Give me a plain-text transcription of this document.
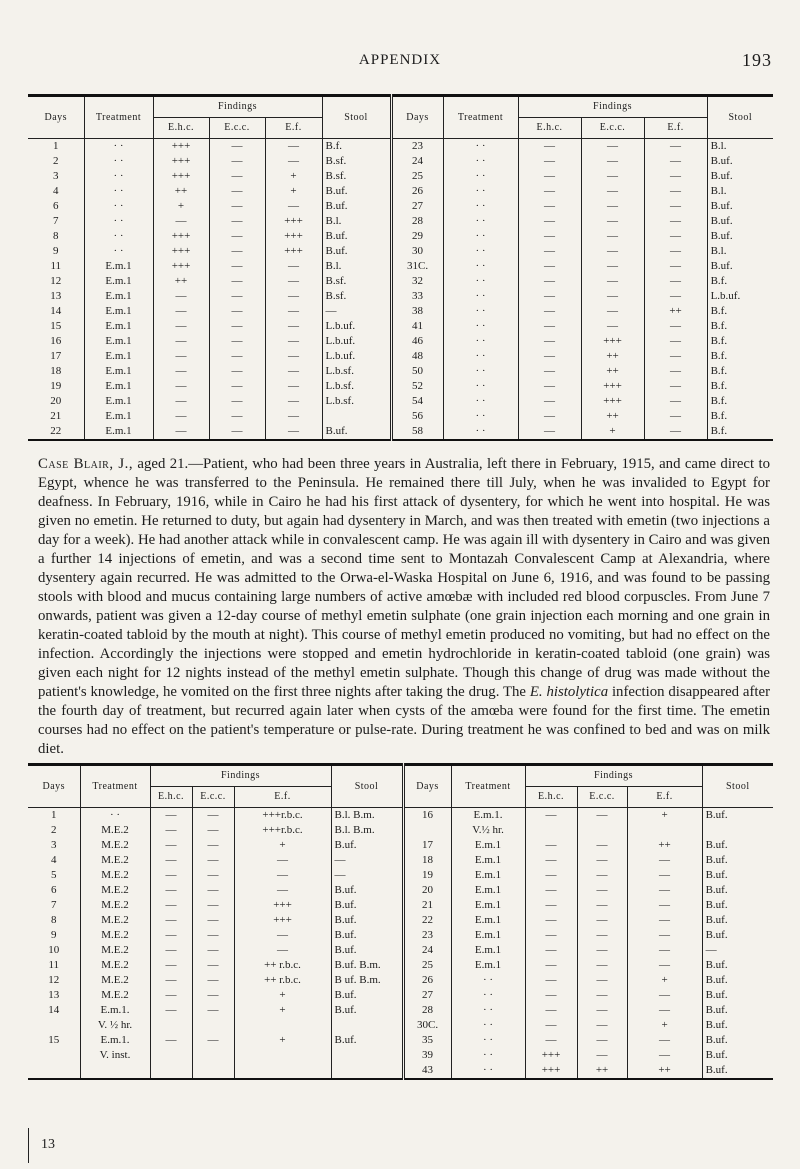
APPENDIX	193
Days	Treatment	Findings			Stool	Days	Treatment	Findings			Stool
		E.h.c.	E.c.c.	E.f.				E.h.c.	E.c.c.	E.f.	
1	· ·	+++	—	—	B.f.	23	· ·	—	—	—	B.l.
2	· ·	+++	—	—	B.sf.	24	· ·	—	—	—	B.uf.
3	· ·	+++	—	+	B.sf.	25	· ·	—	—	—	B.uf.
4	· ·	++	—	+	B.uf.	26	· ·	—	—	—	B.l.
6	· ·	+	—	—	B.uf.	27	· ·	—	—	—	B.uf.
7	· ·	—	—	+++	B.l.	28	· ·	—	—	—	B.uf.
8	· ·	+++	—	+++	B.uf.	29	· ·	—	—	—	B.uf.
9	· ·	+++	—	+++	B.uf.	30	· ·	—	—	—	B.l.
11	E.m.1	+++	—	—	B.l.	31C.	· ·	—	—	—	B.uf.
12	E.m.1	++	—	—	B.sf.	32	· ·	—	—	—	B.f.
13	E.m.1	—	—	—	B.sf.	33	· ·	—	—	—	L.b.uf.
14	E.m.1	—	—	—	—	38	· ·	—	—	++	B.f.
15	E.m.1	—	—	—	L.b.uf.	41	· ·	—	—	—	B.f.
16	E.m.1	—	—	—	L.b.uf.	46	· ·	—	+++	—	B.f.
17	E.m.1	—	—	—	L.b.uf.	48	· ·	—	++	—	B.f.
18	E.m.1	—	—	—	L.b.sf.	50	· ·	—	++	—	B.f.
19	E.m.1	—	—	—	L.b.sf.	52	· ·	—	+++	—	B.f.
20	E.m.1	—	—	—	L.b.sf.	54	· ·	—	+++	—	B.f.
21	E.m.1	—	—	—		56	· ·	—	++	—	B.f.
22	E.m.1	—	—	—	B.uf.	58	· ·	—	+	—	B.f.
Case Blair, J., aged 21.—Patient, who had been three years in Australia, left there in February, 1915, and came direct to Egypt, whence he was transferred to the Peninsula. He remained there till July, when he was invalided to Egypt for deafness. In February, 1916, while in Cairo he had his first attack of dysentery, for which he went into hospital. He was given no emetin. He returned to duty, but again had dysentery in March, and was then treated with emetin (two injections a day for a week). He had another attack while in convalescent camp. He was again ill with dysentery in Cairo and was given a further 14 injections of emetin, and was a second time sent to Montazah Convalescent Camp at Alexandria, where dysentery again recurred. He was admitted to the Orwa-el-Waska Hospital on June 6, 1916, and was found to be passing stools with blood and mucus containing large numbers of active amœbæ with included red blood corpuscles. From June 7 onwards, patient was given a 12-day course of methyl emetin sulphate (one grain injection each morning and one grain in keratin-coated tabloid by the mouth at night). This course of methyl emetin produced no vomiting, but had no effect on the infection. Accordingly the injections were stopped and emetin hydrochloride in keratin-coated tabloid (one grain) was given each night for 12 nights instead of the methyl emetin sulphate. Though this change of drug was made without the patient's knowledge, he vomited on the first three nights after taking the drug. The E. histolytica infection disappeared after the fourth day of treatment, but recurred again later when cysts of the amœba were found for the first time. The emetin courses had no effect on the patient's temperature or pulse-rate. During treatment he was confined to bed and was on milk diet.
Days	Treatment	Findings			Stool	Days	Treatment	Findings			Stool
		E.h.c.	E.c.c.	E.f.				E.h.c.	E.c.c.	E.f.	
1	· ·	—	—	+++r.b.c.	B.l. B.m.	16	E.m.1.	—	—	+	B.uf.
2	M.E.2	—	—	+++r.b.c.	B.l. B.m.		V.½ hr.				
3	M.E.2	—	—	+	B.uf.	17	E.m.1	—	—	++	B.uf.
4	M.E.2	—	—	—	—	18	E.m.1	—	—	—	B.uf.
5	M.E.2	—	—	—	—	19	E.m.1	—	—	—	B.uf.
6	M.E.2	—	—	—	B.uf.	20	E.m.1	—	—	—	B.uf.
7	M.E.2	—	—	+++	B.uf.	21	E.m.1	—	—	—	B.uf.
8	M.E.2	—	—	+++	B.uf.	22	E.m.1	—	—	—	B.uf.
9	M.E.2	—	—	—	B.uf.	23	E.m.1	—	—	—	B.uf.
10	M.E.2	—	—	—	B.uf.	24	E.m.1	—	—	—	—
11	M.E.2	—	—	++ r.b.c.	B.uf. B.m.	25	E.m.1	—	—	—	B.uf.
12	M.E.2	—	—	++ r.b.c.	B uf. B.m.	26	· ·	—	—	+	B.uf.
13	M.E.2	—	—	+	B.uf.	27	· ·	—	—	—	B.uf.
14	E.m.1.	—	—	+	B.uf.	28	· ·	—	—	—	B.uf.
	V. ½ hr.					30C.	· ·	—	—	+	B.uf.
15	E.m.1.	—	—	+	B.uf.	35	· ·	—	—	—	B.uf.
	V. inst.					39	· ·	+++	—	—	B.uf.
						43	· ·	+++	++	++	B.uf.
13
